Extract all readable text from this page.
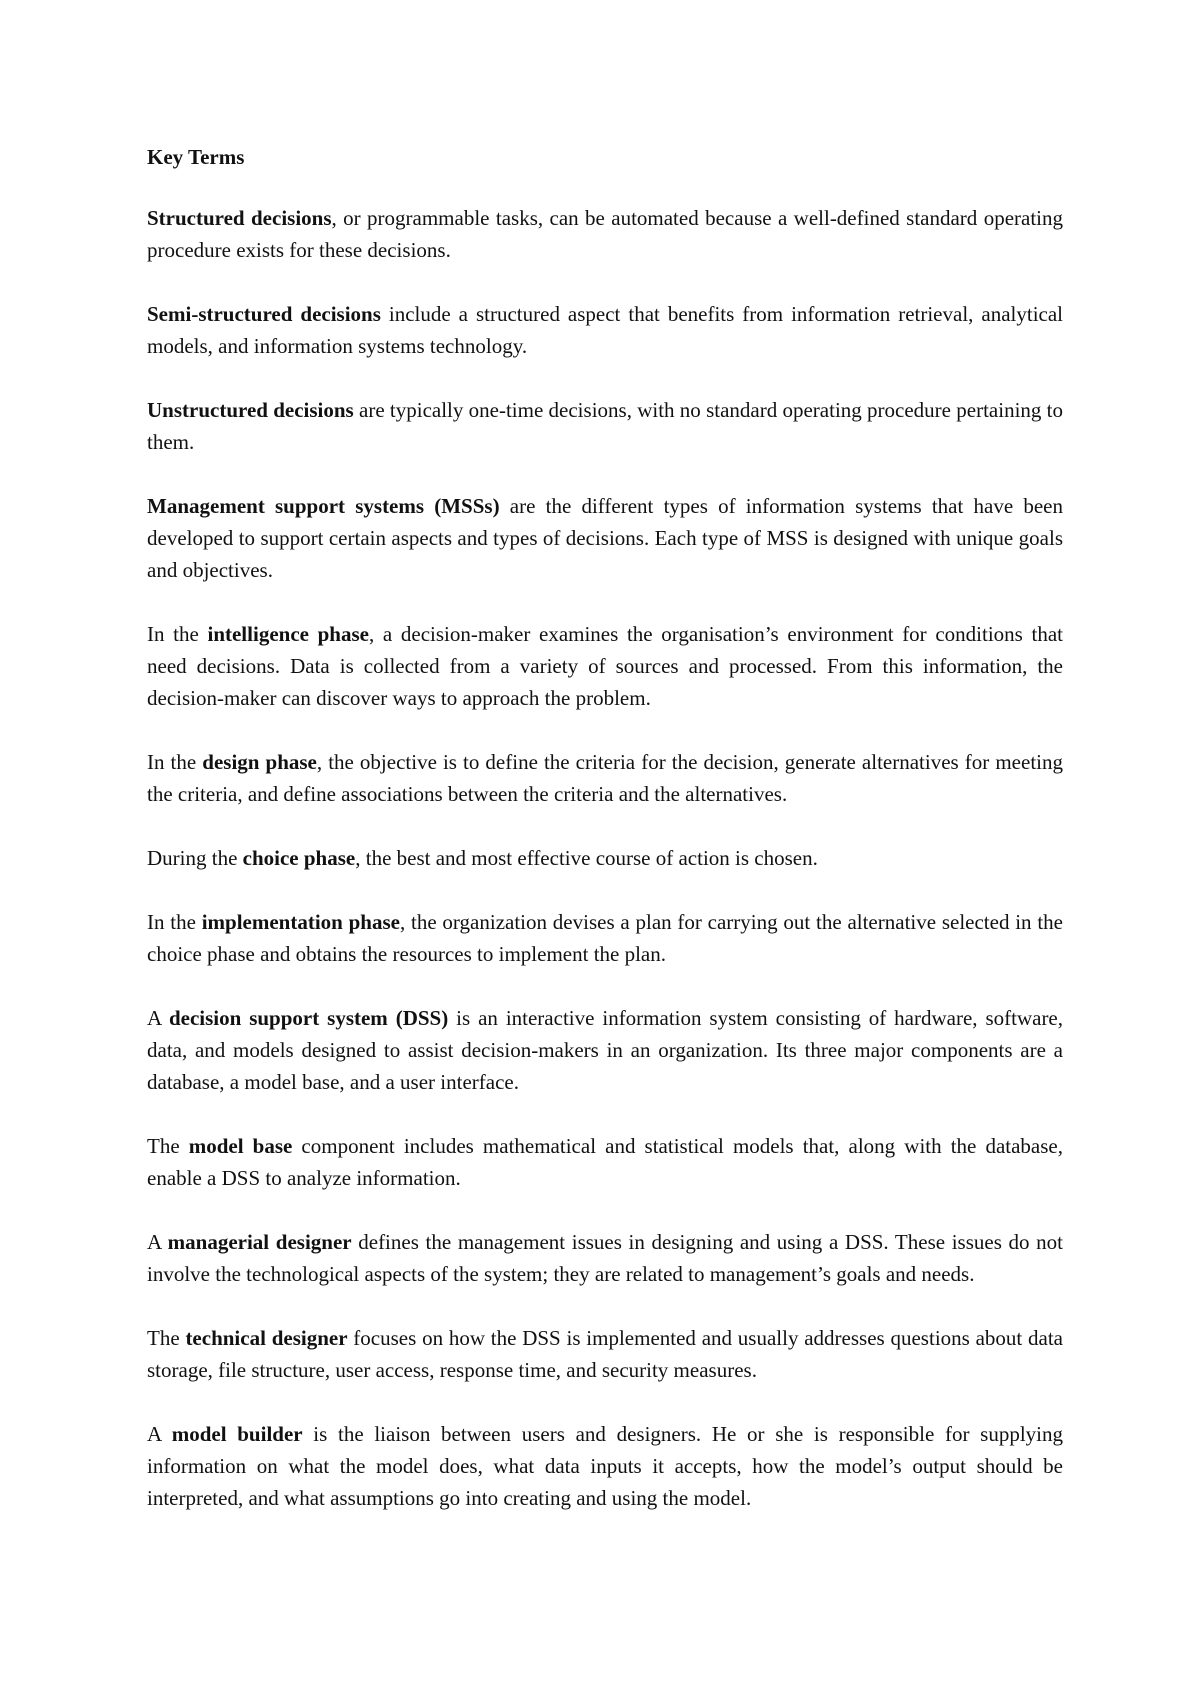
Key Terms

Structured decisions, or programmable tasks, can be automated because a well-defined standard operating procedure exists for these decisions.

Semi-structured decisions include a structured aspect that benefits from information retrieval, analytical models, and information systems technology.

Unstructured decisions are typically one-time decisions, with no standard operating procedure pertaining to them.

Management support systems (MSSs) are the different types of information systems that have been developed to support certain aspects and types of decisions. Each type of MSS is designed with unique goals and objectives.

In the intelligence phase, a decision-maker examines the organisation’s environment for conditions that need decisions. Data is collected from a variety of sources and processed. From this information, the decision-maker can discover ways to approach the problem.

In the design phase, the objective is to define the criteria for the decision, generate alternatives for meeting the criteria, and define associations between the criteria and the alternatives.

During the choice phase, the best and most effective course of action is chosen.

In the implementation phase, the organization devises a plan for carrying out the alternative selected in the choice phase and obtains the resources to implement the plan.

A decision support system (DSS) is an interactive information system consisting of hardware, software, data, and models designed to assist decision-makers in an organization. Its three major components are a database, a model base, and a user interface.

The model base component includes mathematical and statistical models that, along with the database, enable a DSS to analyze information.

A managerial designer defines the management issues in designing and using a DSS. These issues do not involve the technological aspects of the system; they are related to management’s goals and needs.

The technical designer focuses on how the DSS is implemented and usually addresses questions about data storage, file structure, user access, response time, and security measures.

A model builder is the liaison between users and designers. He or she is responsible for supplying information on what the model does, what data inputs it accepts, how the model’s output should be interpreted, and what assumptions go into creating and using the model.
